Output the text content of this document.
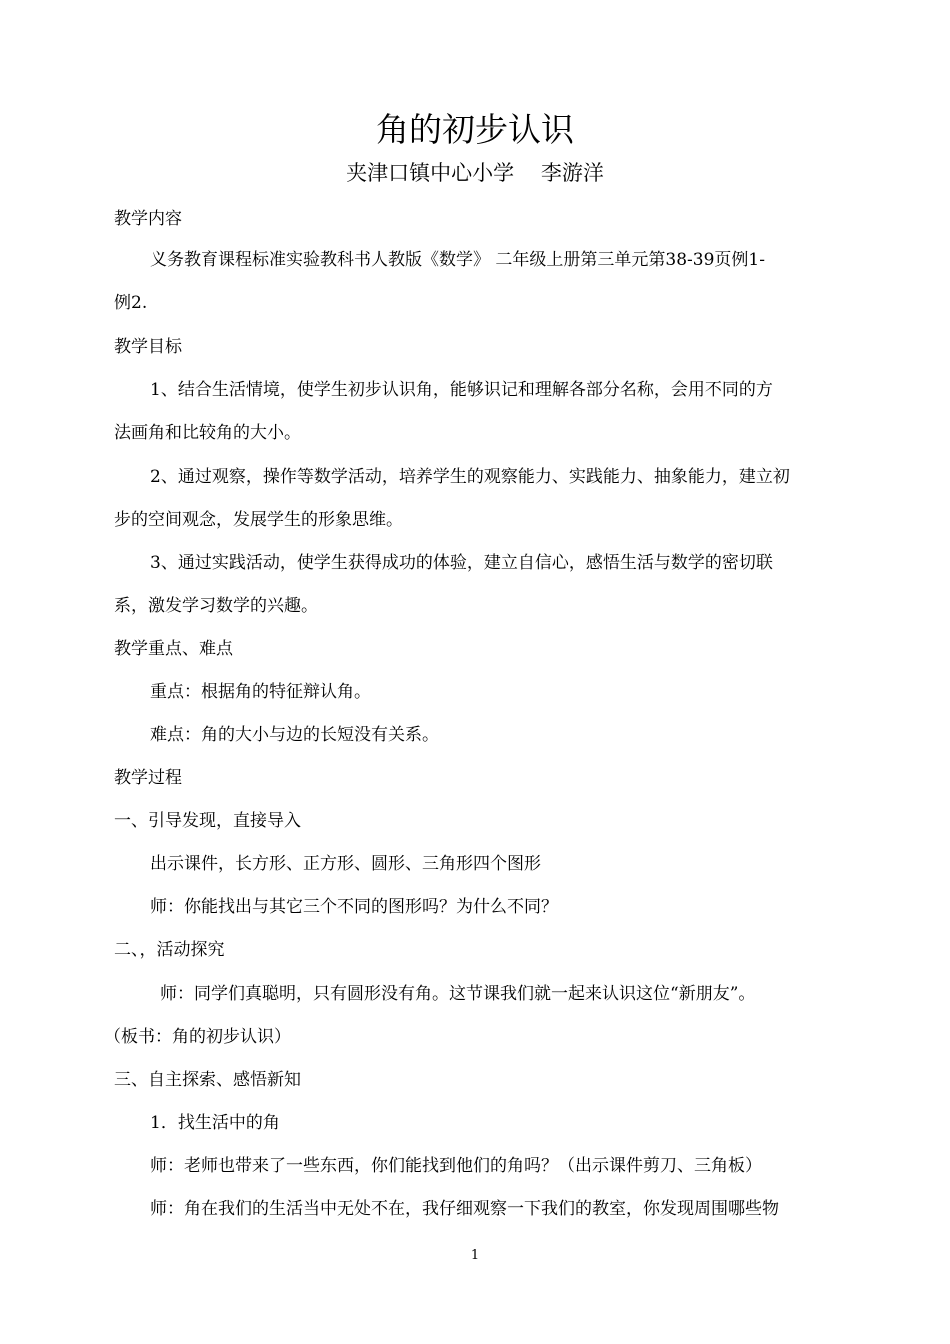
角的初步认识
夹津口镇中心小学    李游洋
教学内容
义务教育课程标准实验教科书人教版《数学》 二年级上册第三单元第38-39页例1-
例2.
教学目标
1、结合生活情境，使学生初步认识角，能够识记和理解各部分名称，会用不同的方
法画角和比较角的大小。
2、通过观察，操作等数学活动，培养学生的观察能力、实践能力、抽象能力，建立初
步的空间观念，发展学生的形象思维。
3、通过实践活动，使学生获得成功的体验，建立自信心，感悟生活与数学的密切联
系，激发学习数学的兴趣。
教学重点、难点
重点：根据角的特征辩认角。
难点：角的大小与边的长短没有关系。
教学过程
一、引导发现，直接导入
出示课件，长方形、正方形、圆形、三角形四个图形
师：你能找出与其它三个不同的图形吗？为什么不同？
二、，活动探究
师：同学们真聪明，只有圆形没有角。这节课我们就一起来认识这位“新朋友”。
（板书：角的初步认识）
三、自主探索、感悟新知
1．找生活中的角
师：老师也带来了一些东西，你们能找到他们的角吗？（出示课件剪刀、三角板）
师：角在我们的生活当中无处不在，我仔细观察一下我们的教室，你发现周围哪些物
1
